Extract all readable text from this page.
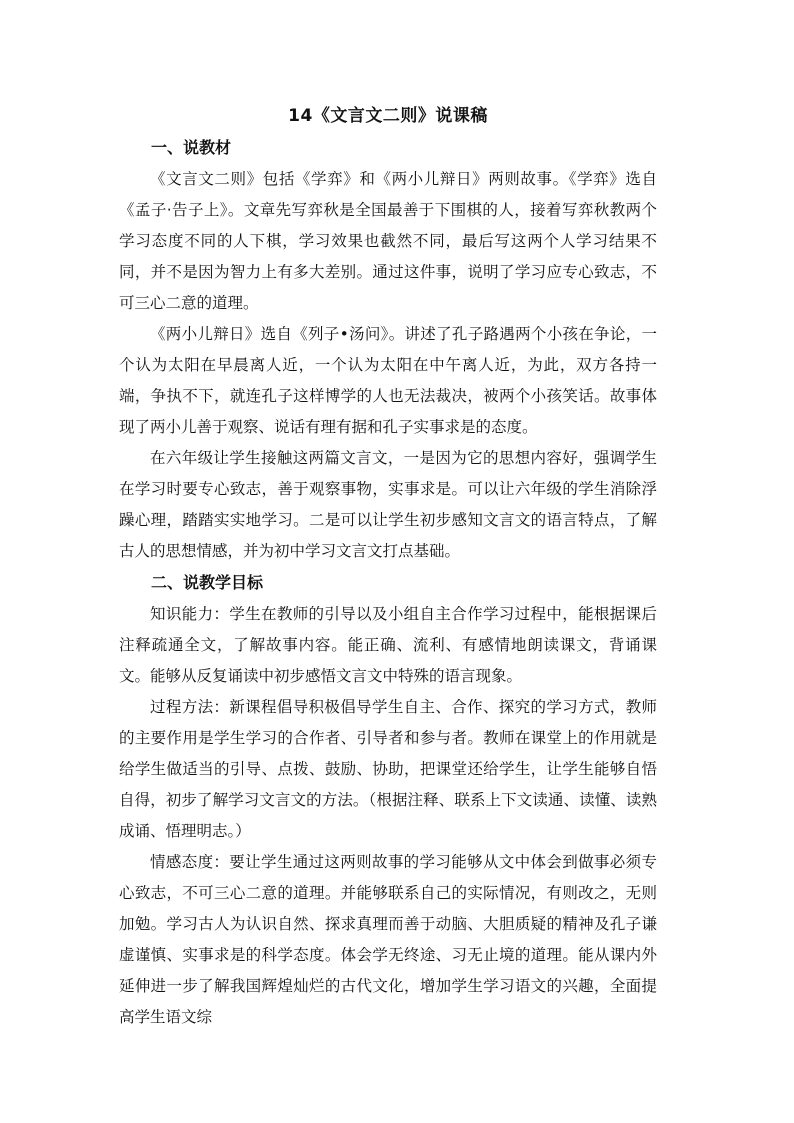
14《文言文二则》说课稿
一、说教材

《文言文二则》包括《学弈》和《两小儿辩日》两则故事。《学弈》选自《孟子·告子上》。文章先写弈秋是全国最善于下围棋的人，接着写弈秋教两个学习态度不同的人下棋，学习效果也截然不同，最后写这两个人学习结果不同，并不是因为智力上有多大差别。通过这件事，说明了学习应专心致志，不可三心二意的道理。

《两小儿辩日》选自《列子•汤问》。讲述了孔子路遇两个小孩在争论，一个认为太阳在早晨离人近，一个认为太阳在中午离人近，为此，双方各持一端，争执不下，就连孔子这样博学的人也无法裁决，被两个小孩笑话。故事体现了两小儿善于观察、说话有理有据和孔子实事求是的态度。

在六年级让学生接触这两篇文言文，一是因为它的思想内容好，强调学生在学习时要专心致志，善于观察事物，实事求是。可以让六年级的学生消除浮躁心理，踏踏实实地学习。二是可以让学生初步感知文言文的语言特点，了解古人的思想情感，并为初中学习文言文打点基础。

二、说教学目标

知识能力：学生在教师的引导以及小组自主合作学习过程中，能根据课后注释疏通全文，了解故事内容。能正确、流利、有感情地朗读课文，背诵课文。能够从反复诵读中初步感悟文言文中特殊的语言现象。

过程方法：新课程倡导积极倡导学生自主、合作、探究的学习方式，教师的主要作用是学生学习的合作者、引导者和参与者。教师在课堂上的作用就是给学生做适当的引导、点拨、鼓励、协助，把课堂还给学生，让学生能够自悟自得，初步了解学习文言文的方法。（根据注释、联系上下文读通、读懂、读熟成诵、悟理明志。）

情感态度：要让学生通过这两则故事的学习能够从文中体会到做事必须专心致志，不可三心二意的道理。并能够联系自己的实际情况，有则改之，无则加勉。学习古人为认识自然、探求真理而善于动脑、大胆质疑的精神及孔子谦虚谨慎、实事求是的科学态度。体会学无终途、习无止境的道理。能从课内外延伸进一步了解我国辉煌灿烂的古代文化，增加学生学习语文的兴趣，全面提高学生语文综
